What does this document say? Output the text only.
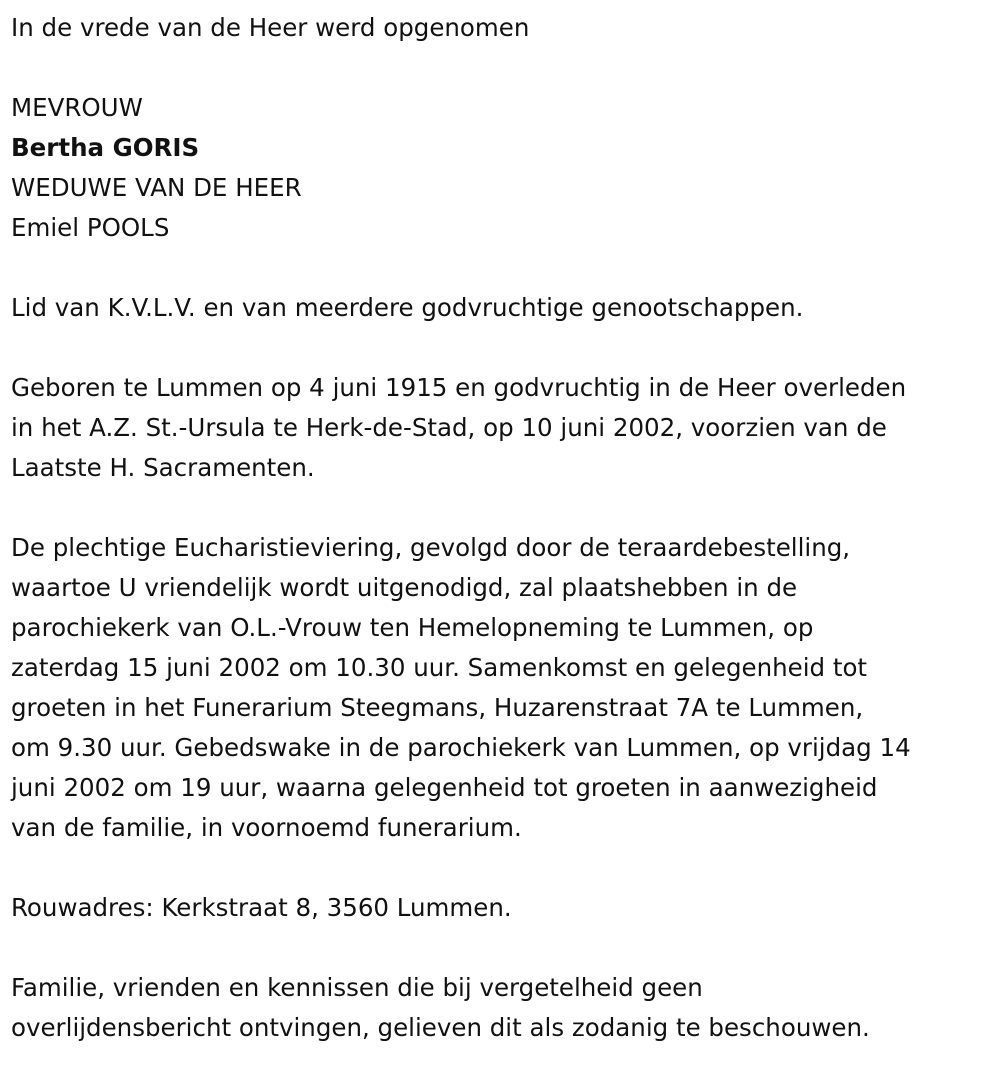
In de vrede van de Heer werd opgenomen
MEVROUW
Bertha GORIS
WEDUWE VAN DE HEER
Emiel POOLS
Lid van K.V.L.V. en van meerdere godvruchtige genootschappen.
Geboren te Lummen op 4 juni 1915 en godvruchtig in de Heer overleden
in het A.Z. St.-Ursula te Herk-de-Stad, op 10 juni 2002, voorzien van de
Laatste H. Sacramenten.
De plechtige Eucharistieviering, gevolgd door de teraardebestelling,
waartoe U vriendelijk wordt uitgenodigd, zal plaatshebben in de
parochiekerk van O.L.-Vrouw ten Hemelopneming te Lummen, op
zaterdag 15 juni 2002 om 10.30 uur. Samenkomst en gelegenheid tot
groeten in het Funerarium Steegmans, Huzarenstraat 7A te Lummen,
om 9.30 uur. Gebedswake in de parochiekerk van Lummen, op vrijdag 14
juni 2002 om 19 uur, waarna gelegenheid tot groeten in aanwezigheid
van de familie, in voornoemd funerarium.
Rouwadres: Kerkstraat 8, 3560 Lummen.
Familie, vrienden en kennissen die bij vergetelheid geen
overlijdensbericht ontvingen, gelieven dit als zodanig te beschouwen.
